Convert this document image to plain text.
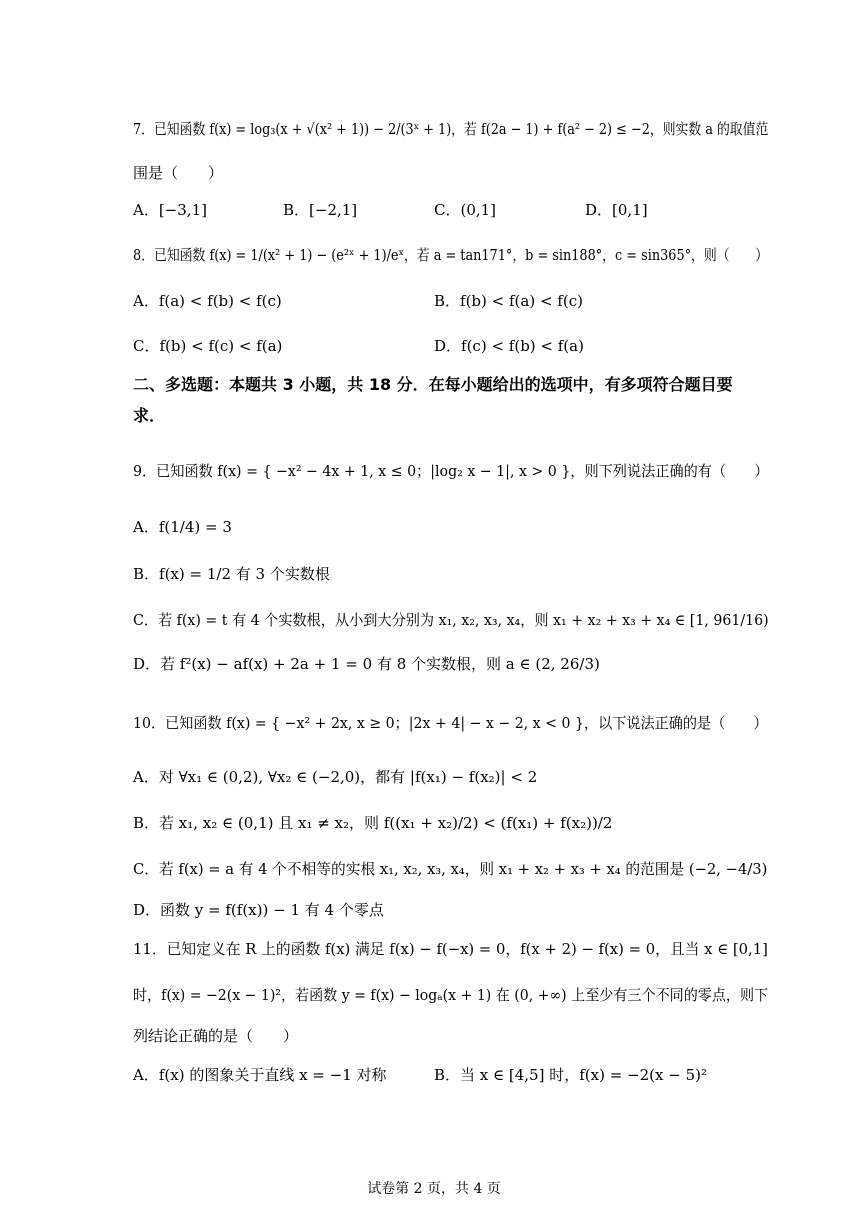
7．已知函数 f(x) = log₃(x + √(x² + 1)) − 2/(3ˣ + 1)，若 f(2a − 1) + f(a² − 2) ≤ −2，则实数 a 的取值范
围是（　　）
A．[−3,1]	B．[−2,1]	C．(0,1]	D．[0,1]
8．已知函数 f(x) = 1/(x² + 1) − (e²ˣ + 1)/eˣ，若 a = tan171°，b = sin188°，c = sin365°，则（　　）
A．f(a) < f(b) < f(c)	B．f(b) < f(a) < f(c)
C．f(b) < f(c) < f(a)	D．f(c) < f(b) < f(a)
二、多选题：本题共 3 小题，共 18 分．在每小题给出的选项中，有多项符合题目要求．
9．已知函数 f(x) = { −x² − 4x + 1, x ≤ 0；|log₂ x − 1|, x > 0 }，则下列说法正确的有（　　）
A．f(1/4) = 3
B．f(x) = 1/2 有 3 个实数根
C．若 f(x) = t 有 4 个实数根，从小到大分别为 x₁, x₂, x₃, x₄，则 x₁ + x₂ + x₃ + x₄ ∈ [1, 961/16)
D．若 f²(x) − af(x) + 2a + 1 = 0 有 8 个实数根，则 a ∈ (2, 26/3)
10．已知函数 f(x) = { −x² + 2x, x ≥ 0；|2x + 4| − x − 2, x < 0 }，以下说法正确的是（　　）
A．对 ∀x₁ ∈ (0,2), ∀x₂ ∈ (−2,0)，都有 |f(x₁) − f(x₂)| < 2
B．若 x₁, x₂ ∈ (0,1) 且 x₁ ≠ x₂，则 f((x₁ + x₂)/2) < (f(x₁) + f(x₂))/2
C．若 f(x) = a 有 4 个不相等的实根 x₁, x₂, x₃, x₄，则 x₁ + x₂ + x₃ + x₄ 的范围是 (−2, −4/3)
D．函数 y = f(f(x)) − 1 有 4 个零点
11．已知定义在 R 上的函数 f(x) 满足 f(x) − f(−x) = 0，f(x + 2) − f(x) = 0，且当 x ∈ [0,1]
时，f(x) = −2(x − 1)²，若函数 y = f(x) − logₐ(x + 1) 在 (0, +∞) 上至少有三个不同的零点，则下
列结论正确的是（　　）
A．f(x) 的图象关于直线 x = −1 对称	B．当 x ∈ [4,5] 时，f(x) = −2(x − 5)²
试卷第 2 页，共 4 页
